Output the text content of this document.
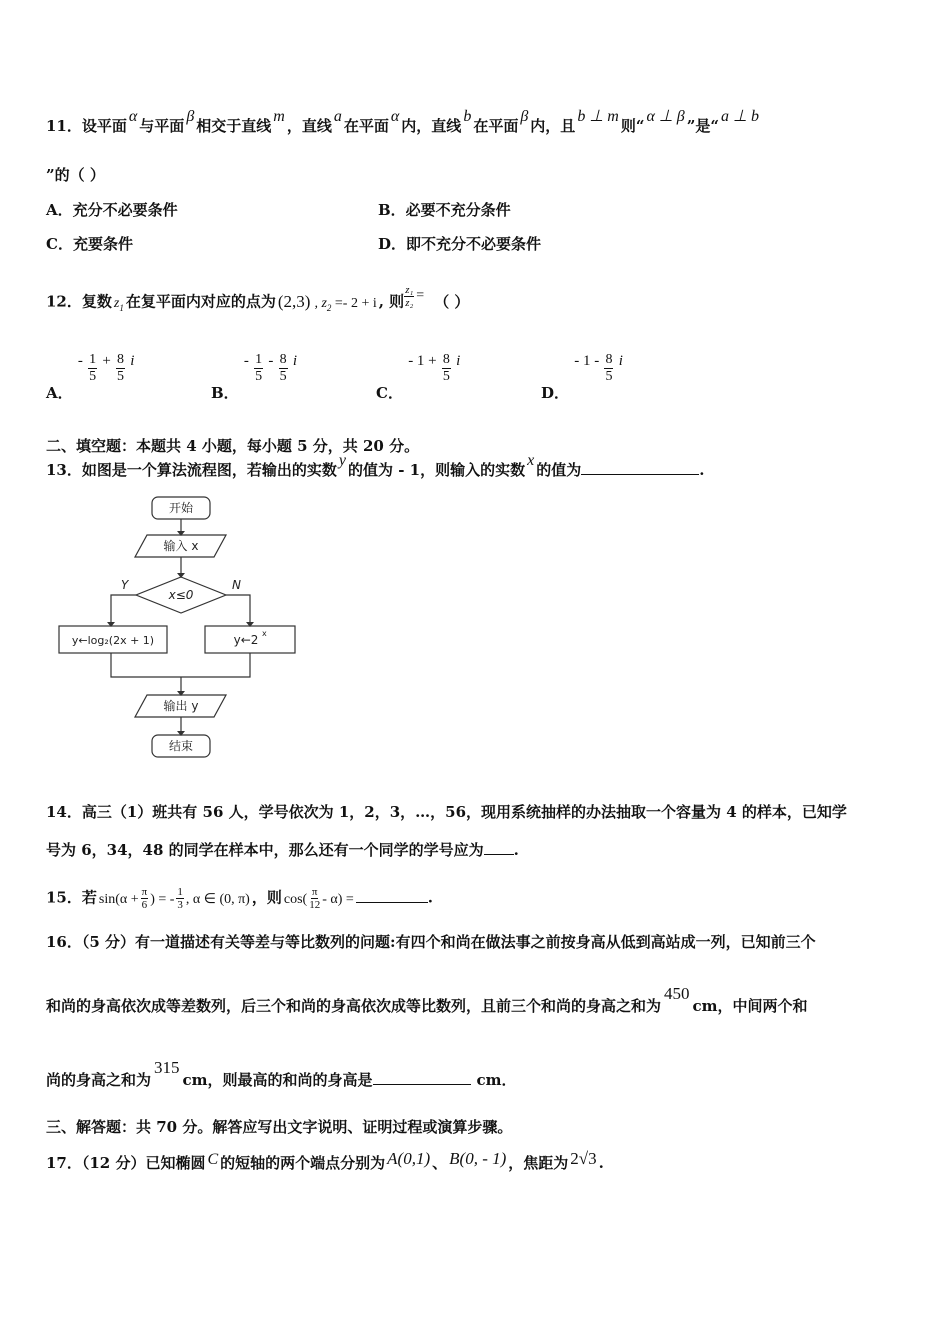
11．设平面α与平面β相交于直线m，直线a在平面α内，直线b在平面β内，且b ⊥ m则“α ⊥ β”是“a ⊥ b
”的（ ）
A．充分不必要条件	B．必要不充分条件
C．充要条件	D．即不充分不必要条件
12．复数 $z_1$ 在复平面内对应的点为 (2,3) , $z_2 =- 2 + i$ , 则 $\frac{\text{z₁}}{\text{z₂}}$ = （ ）
A． - $\frac{1}{5} + \frac{8}{5}$ i
B． - $\frac{1}{5} - \frac{8}{5}$ i
C． - $1 + \frac{8}{5}$ i
D． - $1 - \frac{8}{5}$ i
二、填空题：本题共 4 小题，每小题 5 分，共 20 分。
13．如图是一个算法流程图，若输出的实数y的值为 - 1，则输入的实数x的值为	.
开始
输入 x
x≤0
Y	N
y←log₂(2x + 1)	y←2 x
输出 y
结束
14．高三（1）班共有 56 人，学号依次为 1，2，3，…，56，现用系统抽样的办法抽取一个容量为 4 的样本，已知学
号为 6，34，48 的同学在样本中，那么还有一个同学的学号应为 .
15．若 $\sin(\alpha + \frac{\pi}{6}$ ) = - $\frac{1}{3}$ , α ∈ (0, π) ，则 $\cos( \frac{\pi}{12} - \alpha)$ =	.
16．（5 分）有一道描述有关等差与等比数列的问题:有四个和尚在做法事之前按身高从低到高站成一列，已知前三个
和尚的身高依次成等差数列，后三个和尚的身高依次成等比数列，且前三个和尚的身高之和为450cm，中间两个和
尚的身高之和为315cm，则最高的和尚的身高是	cm．
三、解答题：共 70 分。解答应写出文字说明、证明过程或演算步骤。
17．（12 分）已知椭圆 C 的短轴的两个端点分别为 A(0,1) 、 B(0, - 1) ，焦距为 2√3 .
